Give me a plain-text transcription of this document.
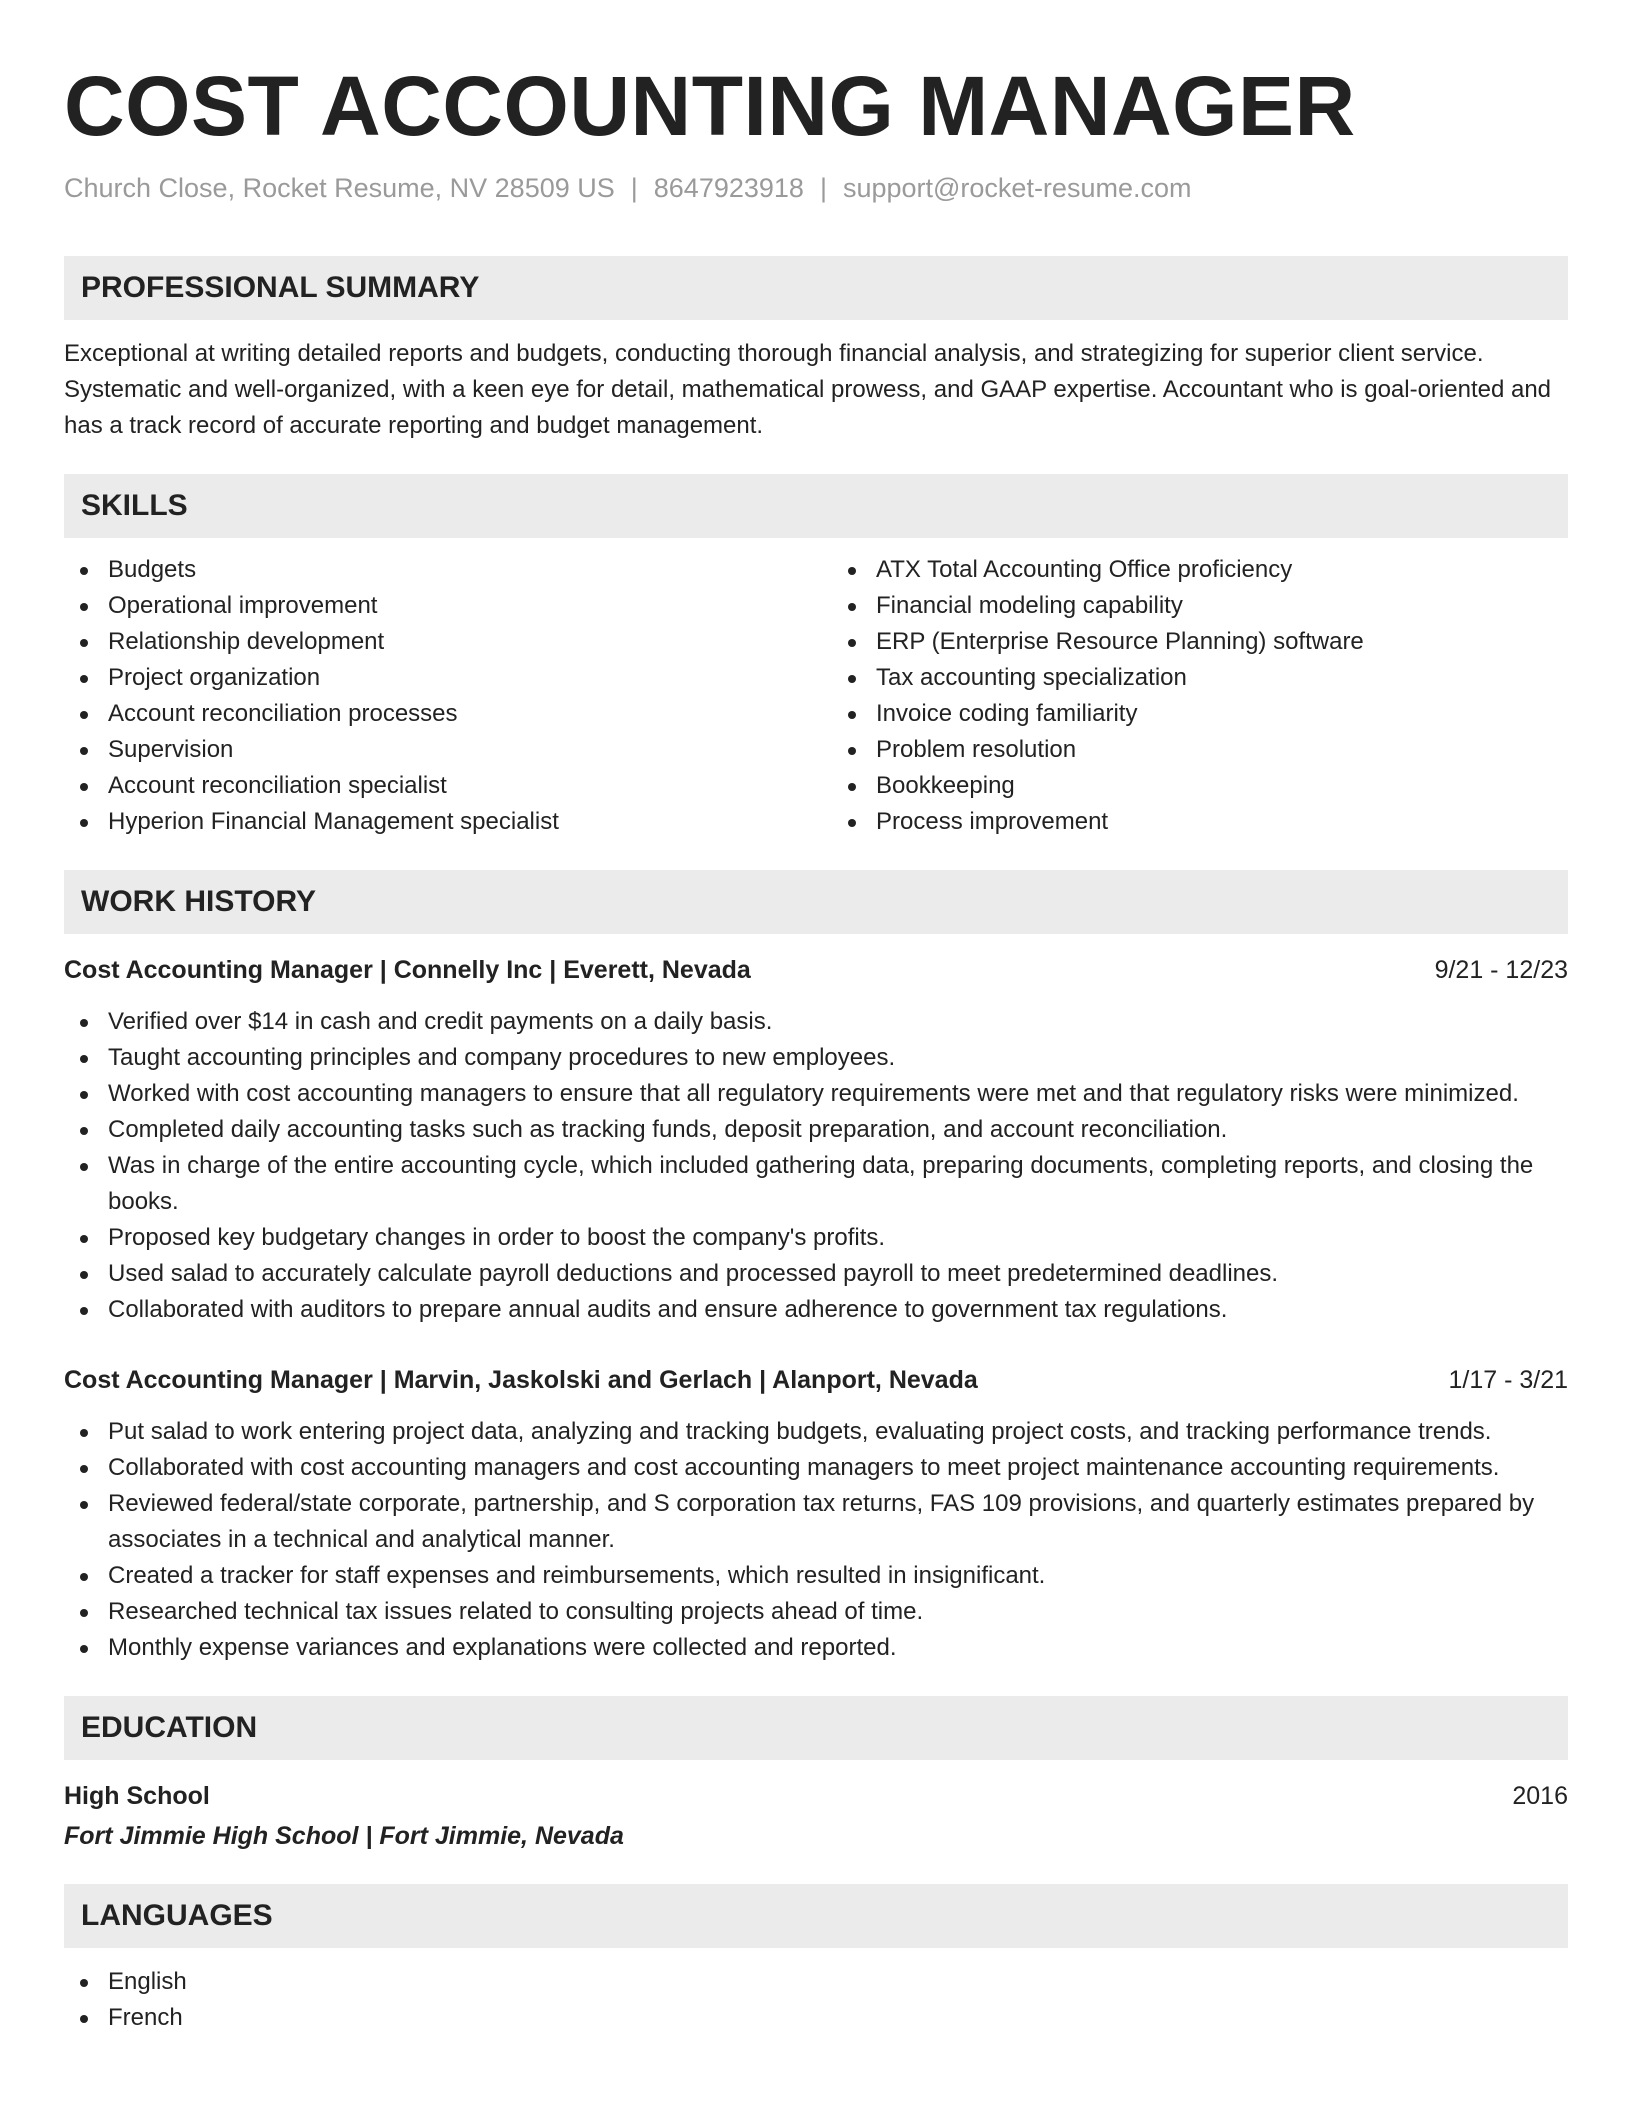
COST ACCOUNTING MANAGER
Church Close, Rocket Resume, NV 28509 US | 8647923918 | support@rocket-resume.com
PROFESSIONAL SUMMARY

Exceptional at writing detailed reports and budgets, conducting thorough financial analysis, and strategizing for superior client service. Systematic and well-organized, with a keen eye for detail, mathematical prowess, and GAAP expertise. Accountant who is goal-oriented and has a track record of accurate reporting and budget management.

SKILLS
Budgets
Operational improvement
Relationship development
Project organization
Account reconciliation processes
Supervision
Account reconciliation specialist
Hyperion Financial Management specialist
ATX Total Accounting Office proficiency
Financial modeling capability
ERP (Enterprise Resource Planning) software
Tax accounting specialization
Invoice coding familiarity
Problem resolution
Bookkeeping
Process improvement
WORK HISTORY
Cost Accounting Manager | Connelly Inc | Everett, Nevada	9/21 - 12/23
Verified over $14 in cash and credit payments on a daily basis.
Taught accounting principles and company procedures to new employees.
Worked with cost accounting managers to ensure that all regulatory requirements were met and that regulatory risks were minimized.
Completed daily accounting tasks such as tracking funds, deposit preparation, and account reconciliation.
Was in charge of the entire accounting cycle, which included gathering data, preparing documents, completing reports, and closing the books.
Proposed key budgetary changes in order to boost the company's profits.
Used salad to accurately calculate payroll deductions and processed payroll to meet predetermined deadlines.
Collaborated with auditors to prepare annual audits and ensure adherence to government tax regulations.
Cost Accounting Manager | Marvin, Jaskolski and Gerlach | Alanport, Nevada	1/17 - 3/21
Put salad to work entering project data, analyzing and tracking budgets, evaluating project costs, and tracking performance trends.
Collaborated with cost accounting managers and cost accounting managers to meet project maintenance accounting requirements.
Reviewed federal/state corporate, partnership, and S corporation tax returns, FAS 109 provisions, and quarterly estimates prepared by associates in a technical and analytical manner.
Created a tracker for staff expenses and reimbursements, which resulted in insignificant.
Researched technical tax issues related to consulting projects ahead of time.
Monthly expense variances and explanations were collected and reported.
EDUCATION
High School	2016
Fort Jimmie High School | Fort Jimmie, Nevada
LANGUAGES
English
French
